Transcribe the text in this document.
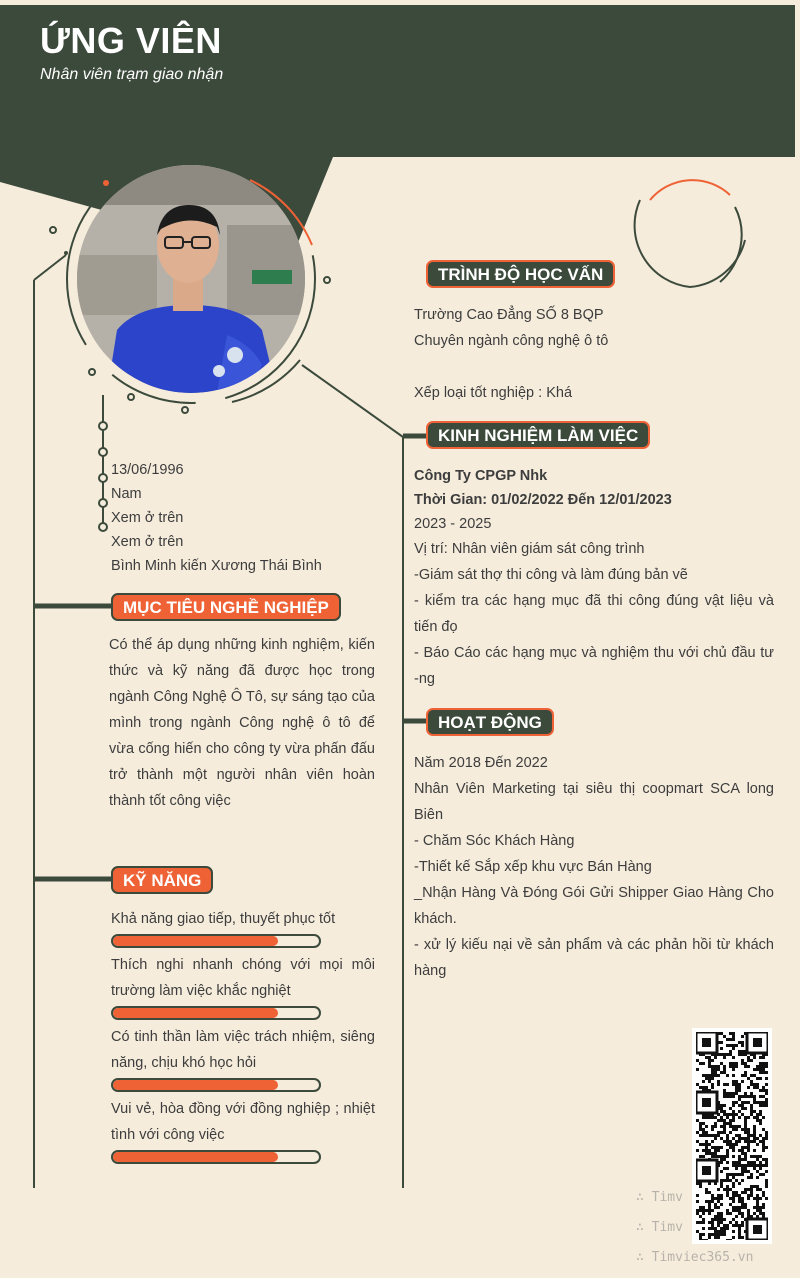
ỨNG VIÊN
Nhân viên trạm giao nhận
13/06/1996
Nam
Xem ở trên
Xem ở trên
Bình Minh kiến Xương Thái Bình
MỤC TIÊU NGHỀ NGHIỆP
Có thể áp dụng những kinh nghiệm, kiến thức và kỹ năng đã được học trong ngành Công Nghệ Ô Tô, sự sáng tạo của mình trong ngành Công nghệ ô tô để vừa cống hiến cho công ty vừa phấn đấu trở thành một người nhân viên hoàn thành tốt công việc
KỸ NĂNG
Khả năng giao tiếp, thuyết phục tốt
Thích nghi nhanh chóng với mọi môi trường làm việc khắc nghiệt
Có tinh thần làm việc trách nhiệm, siêng năng, chịu khó học hỏi
Vui vẻ, hòa đồng với đồng nghiệp ; nhiệt tình với công việc
TRÌNH ĐỘ HỌC VẤN
Trường Cao Đẳng SỐ 8 BQP
Chuyên ngành công nghệ ô tô
Xếp loại tốt nghiệp : Khá
KINH NGHIỆM LÀM VIỆC
Công Ty CPGP Nhk
Thời Gian: 01/02/2022 Đến 12/01/2023
2023 - 2025
Vị trí: Nhân viên giám sát công trình
-Giám sát thợ thi công và làm đúng bản vẽ
- kiểm tra các hạng mục đã thi công đúng vật liệu và tiến đọ
- Báo Cáo các hạng mục và nghiệm thu với chủ đầu tư -ng
HOẠT ĐỘNG
Năm 2018 Đến 2022
Nhân Viên Marketing tại siêu thị coopmart SCA long Biên
- Chăm Sóc Khách Hàng
-Thiết kế Sắp xếp khu vực Bán Hàng
_Nhận Hàng Và Đóng Gói Gửi Shipper Giao Hàng Cho khách.
- xử lý kiếu nại về sản phẩm và các phản hồi từ khách hàng
∴ Timv
∴ Timv
∴ Timviec365.vn
